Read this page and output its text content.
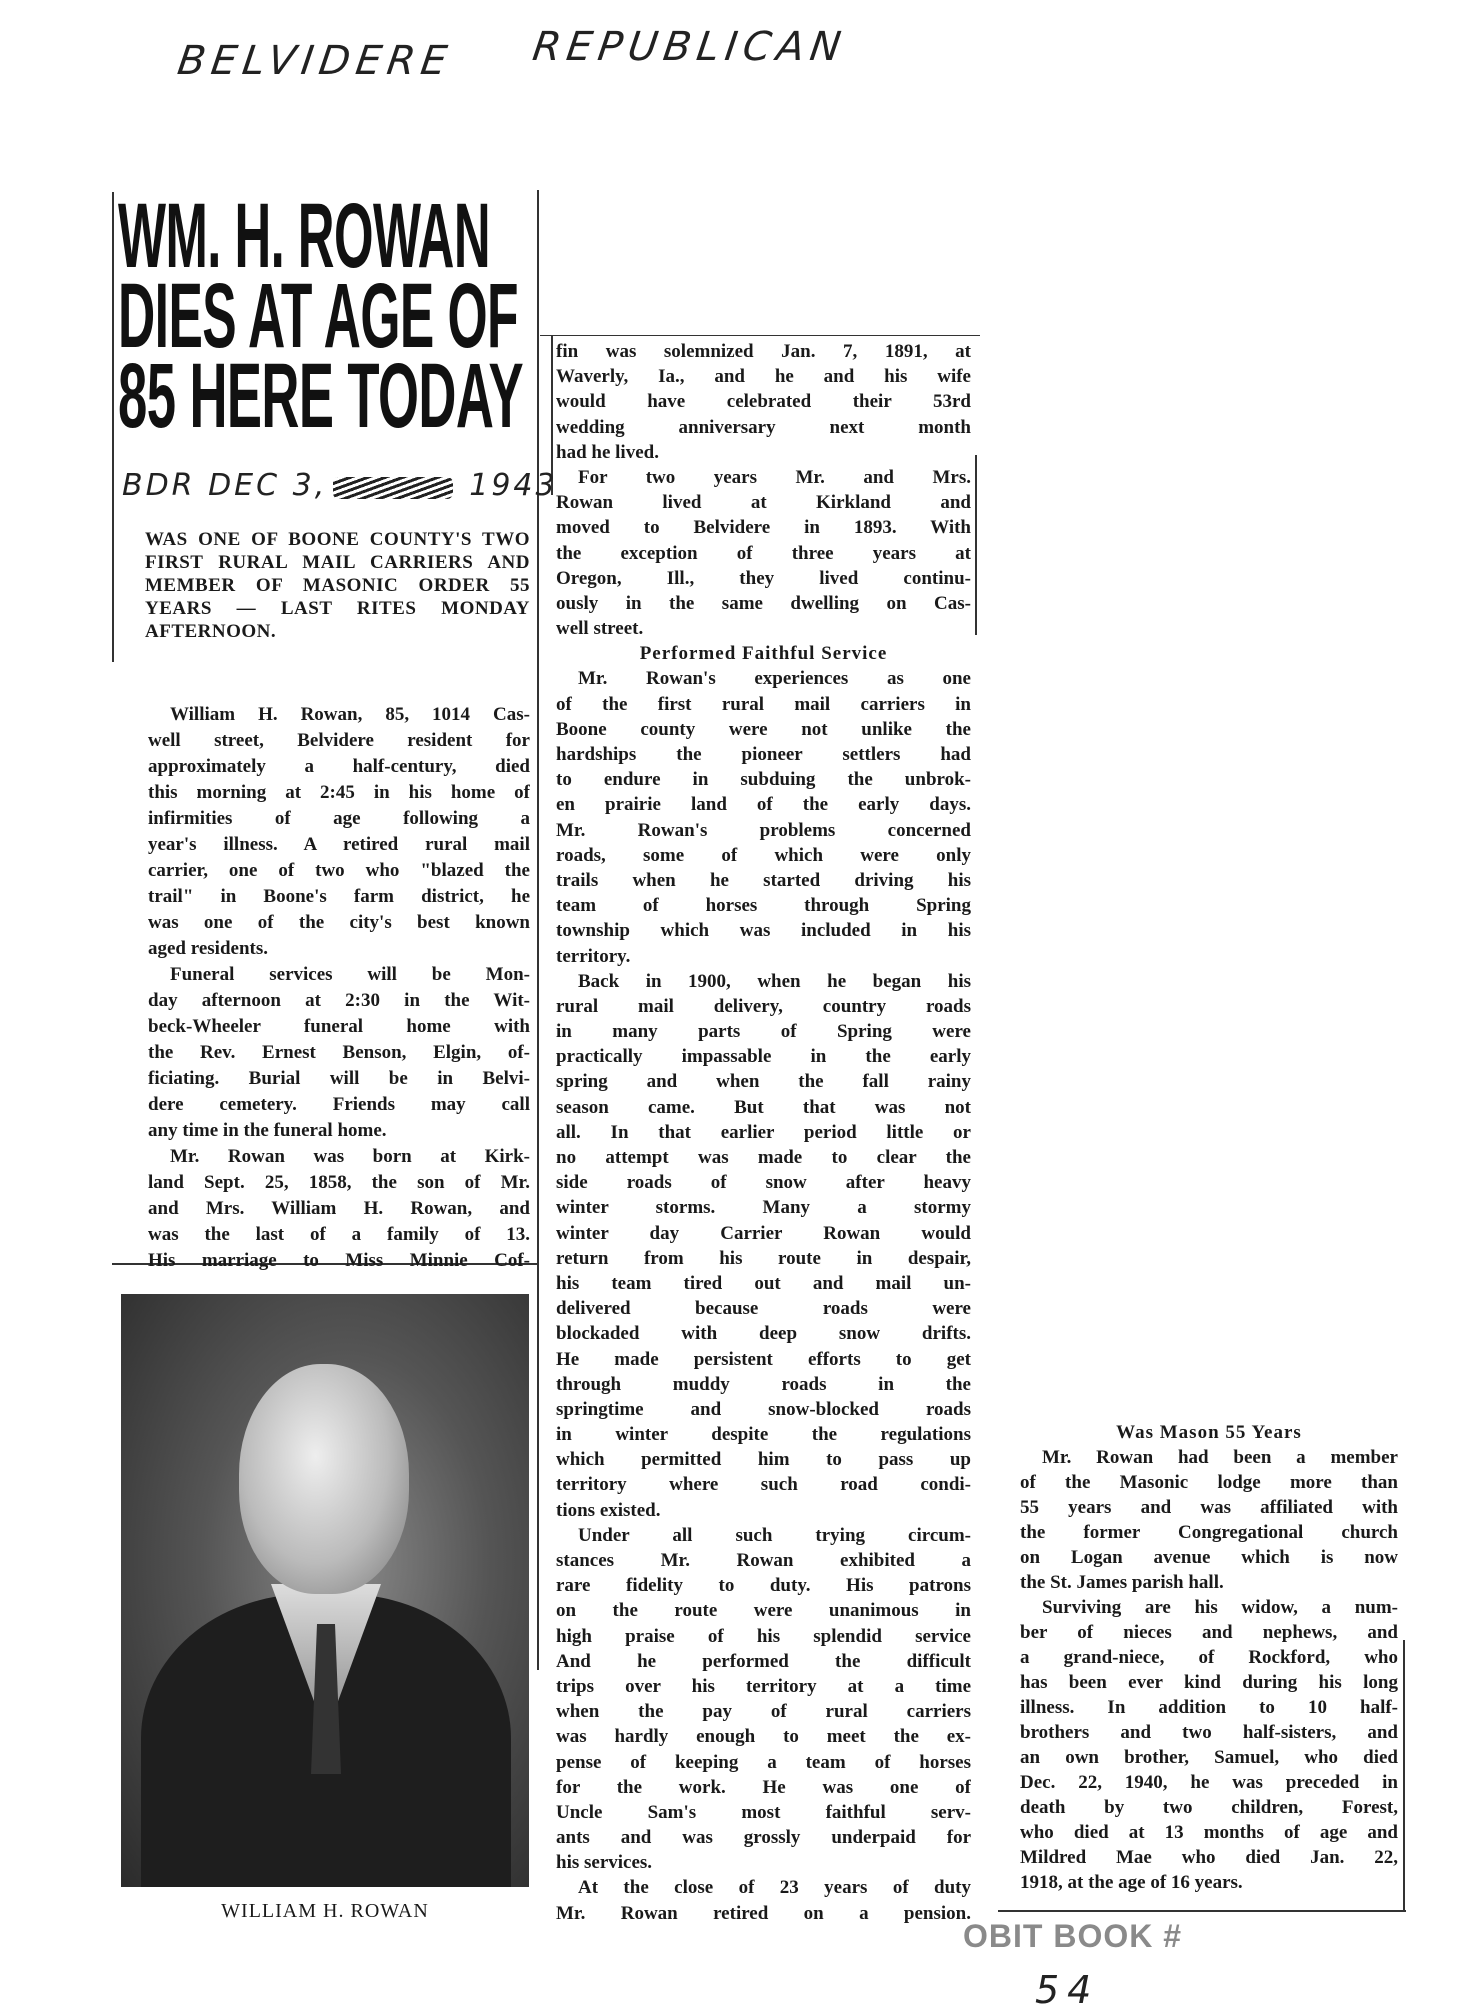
BELVIDERE REPUBLICAN
WM. H. ROWAN
DIES AT AGE OF
85 HERE TODAY
BDR DEC 3,	1943
WAS ONE OF BOONE COUNTY'S TWO FIRST RURAL MAIL CARRIERS AND MEMBER OF MASONIC ORDER 55 YEARS — LAST RITES MONDAY AFTERNOON.
William H. Rowan, 85, 1014 Cas-
well street, Belvidere resident for
approximately a half-century, died
this morning at 2:45 in his home of
infirmities of age following a
year's illness. A retired rural mail
carrier, one of two who "blazed the
trail" in Boone's farm district, he
was one of the city's best known
aged residents.
Funeral services will be Mon-
day afternoon at 2:30 in the Wit-
beck-Wheeler funeral home with
the Rev. Ernest Benson, Elgin, of-
ficiating. Burial will be in Belvi-
dere cemetery. Friends may call
any time in the funeral home.
Mr. Rowan was born at Kirk-
land Sept. 25, 1858, the son of Mr.
and Mrs. William H. Rowan, and
was the last of a family of 13.
His marriage to Miss Minnie Cof-
fin was solemnized Jan. 7, 1891, at
Waverly, Ia., and he and his wife
would have celebrated their 53rd
wedding anniversary next month
had he lived.
For two years Mr. and Mrs.
Rowan lived at Kirkland and
moved to Belvidere in 1893. With
the exception of three years at
Oregon, Ill., they lived continu-
ously in the same dwelling on Cas-
well street.
Performed Faithful Service
Mr. Rowan's experiences as one
of the first rural mail carriers in
Boone county were not unlike the
hardships the pioneer settlers had
to endure in subduing the unbrok-
en prairie land of the early days.
Mr. Rowan's problems concerned
roads, some of which were only
trails when he started driving his
team of horses through Spring
township which was included in his
territory.
Back in 1900, when he began his
rural mail delivery, country roads
in many parts of Spring were
practically impassable in the early
spring and when the fall rainy
season came. But that was not
all. In that earlier period little or
no attempt was made to clear the
side roads of snow after heavy
winter storms. Many a stormy
winter day Carrier Rowan would
return from his route in despair,
his team tired out and mail un-
delivered because roads were
blockaded with deep snow drifts.
He made persistent efforts to get
through muddy roads in the
springtime and snow-blocked roads
in winter despite the regulations
which permitted him to pass up
territory where such road condi-
tions existed.
Under all such trying circum-
stances Mr. Rowan exhibited a
rare fidelity to duty. His patrons
on the route were unanimous in
high praise of his splendid service
And he performed the difficult
trips over his territory at a time
when the pay of rural carriers
was hardly enough to meet the ex-
pense of keeping a team of horses
for the work. He was one of
Uncle Sam's most faithful serv-
ants and was grossly underpaid for
his services.
At the close of 23 years of duty
Mr. Rowan retired on a pension.
Was Mason 55 Years
Mr. Rowan had been a member
of the Masonic lodge more than
55 years and was affiliated with
the former Congregational church
on Logan avenue which is now
the St. James parish hall.
Surviving are his widow, a num-
ber of nieces and nephews, and
a grand-niece, of Rockford, who
has been ever kind during his long
illness. In addition to 10 half-
brothers and two half-sisters, and
an own brother, Samuel, who died
Dec. 22, 1940, he was preceded in
death by two children, Forest,
who died at 13 months of age and
Mildred Mae who died Jan. 22,
1918, at the age of 16 years.
WILLIAM H. ROWAN
OBIT BOOK #
54
